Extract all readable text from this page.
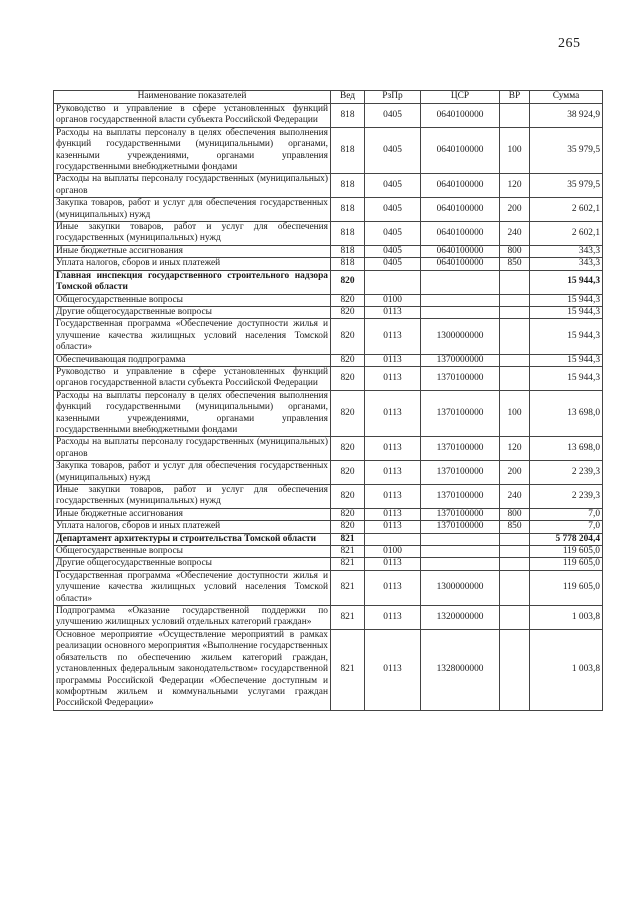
265
Наименование показателей	Вед	РзПр	ЦСР	ВР	Сумма
Руководство и управление в сфере установленных функций органов государственной власти субъекта Российской Федерации	818	0405	0640100000		38 924,9
Расходы на выплаты персоналу в целях обеспечения выполнения функций государственными (муниципальными) органами, казенными учреждениями, органами управления государственными внебюджетными фондами	818	0405	0640100000	100	35 979,5
Расходы на выплаты персоналу государственных (муниципальных) органов	818	0405	0640100000	120	35 979,5
Закупка товаров, работ и услуг для обеспечения государственных (муниципальных) нужд	818	0405	0640100000	200	2 602,1
Иные закупки товаров, работ и услуг для обеспечения государственных (муниципальных) нужд	818	0405	0640100000	240	2 602,1
Иные бюджетные ассигнования	818	0405	0640100000	800	343,3
Уплата налогов, сборов и иных платежей	818	0405	0640100000	850	343,3
Главная инспекция государственного строительного надзора Томской области	820				15 944,3
Общегосударственные вопросы	820	0100			15 944,3
Другие общегосударственные вопросы	820	0113			15 944,3
Государственная программа «Обеспечение доступности жилья и улучшение качества жилищных условий населения Томской области»	820	0113	1300000000		15 944,3
Обеспечивающая подпрограмма	820	0113	1370000000		15 944,3
Руководство и управление в сфере установленных функций органов государственной власти субъекта Российской Федерации	820	0113	1370100000		15 944,3
Расходы на выплаты персоналу в целях обеспечения выполнения функций государственными (муниципальными) органами, казенными учреждениями, органами управления государственными внебюджетными фондами	820	0113	1370100000	100	13 698,0
Расходы на выплаты персоналу государственных (муниципальных) органов	820	0113	1370100000	120	13 698,0
Закупка товаров, работ и услуг для обеспечения государственных (муниципальных) нужд	820	0113	1370100000	200	2 239,3
Иные закупки товаров, работ и услуг для обеспечения государственных (муниципальных) нужд	820	0113	1370100000	240	2 239,3
Иные бюджетные ассигнования	820	0113	1370100000	800	7,0
Уплата налогов, сборов и иных платежей	820	0113	1370100000	850	7,0
Департамент архитектуры и строительства Томской области	821				5 778 204,4
Общегосударственные вопросы	821	0100			119 605,0
Другие общегосударственные вопросы	821	0113			119 605,0
Государственная программа «Обеспечение доступности жилья и улучшение качества жилищных условий населения Томской области»	821	0113	1300000000		119 605,0
Подпрограмма «Оказание государственной поддержки по улучшению жилищных условий отдельных категорий граждан»	821	0113	1320000000		1 003,8
Основное мероприятие «Осуществление мероприятий в рамках реализации основного мероприятия «Выполнение государственных обязательств по обеспечению жильем категорий граждан, установленных федеральным законодательством» государственной программы Российской Федерации «Обеспечение доступным и комфортным жильем и коммунальными услугами граждан Российской Федерации»	821	0113	1328000000		1 003,8
